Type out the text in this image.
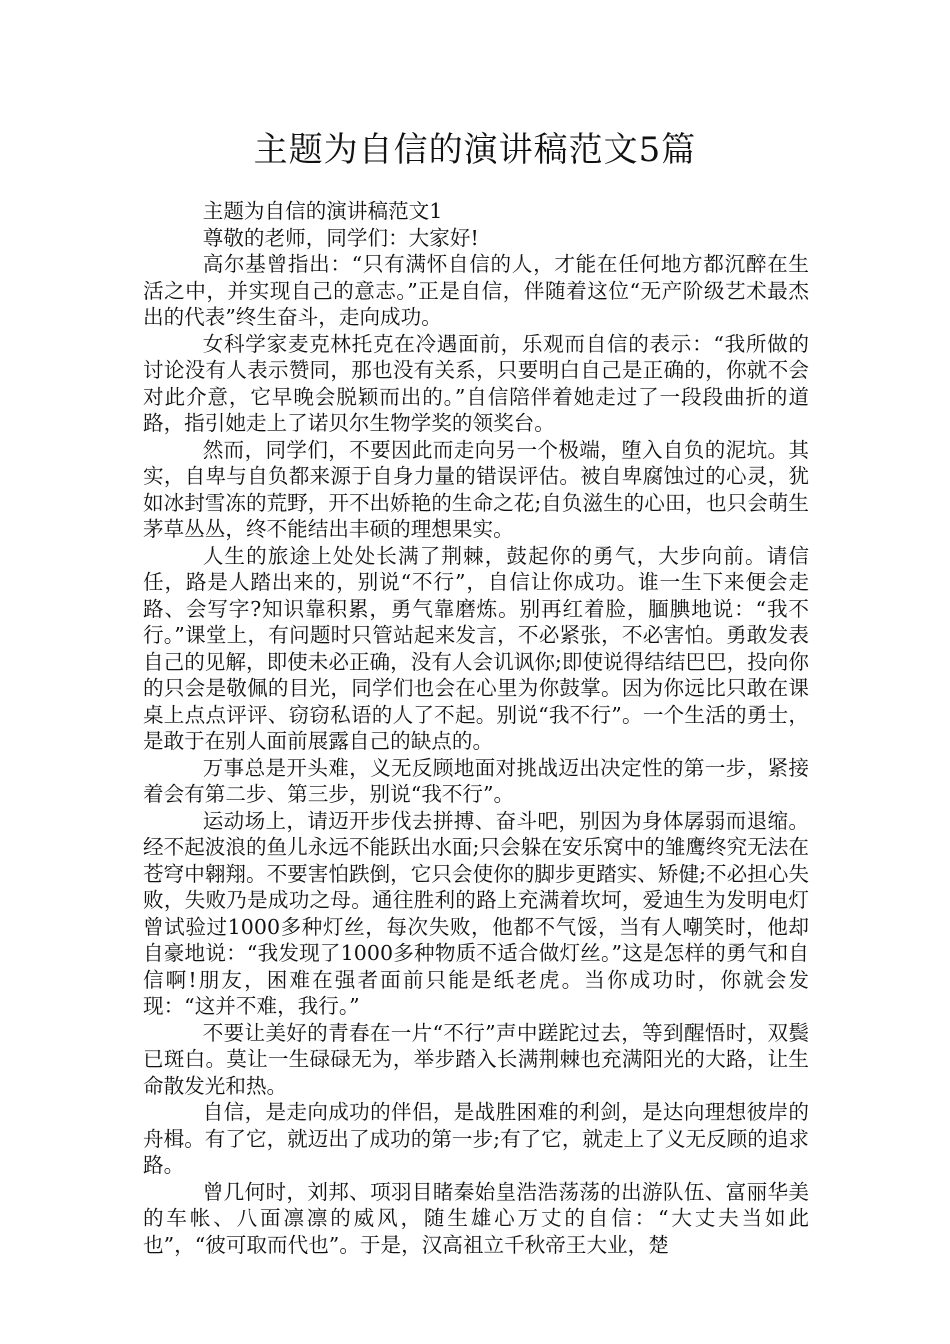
主题为自信的演讲稿范文5篇

主题为自信的演讲稿范文1

尊敬的老师，同学们：大家好!

高尔基曾指出：“只有满怀自信的人，才能在任何地方都沉醉在生活之中，并实现自己的意志。”正是自信，伴随着这位“无产阶级艺术最杰出的代表”终生奋斗，走向成功。

女科学家麦克林托克在冷遇面前，乐观而自信的表示：“我所做的讨论没有人表示赞同，那也没有关系，只要明白自己是正确的，你就不会对此介意，它早晚会脱颖而出的。”自信陪伴着她走过了一段段曲折的道路，指引她走上了诺贝尔生物学奖的领奖台。

然而，同学们，不要因此而走向另一个极端，堕入自负的泥坑。其实，自卑与自负都来源于自身力量的错误评估。被自卑腐蚀过的心灵，犹如冰封雪冻的荒野，开不出娇艳的生命之花;自负滋生的心田，也只会萌生茅草丛丛，终不能结出丰硕的理想果实。

人生的旅途上处处长满了荆棘，鼓起你的勇气，大步向前。请信任，路是人踏出来的，别说“不行”，自信让你成功。谁一生下来便会走路、会写字?知识靠积累，勇气靠磨炼。别再红着脸，腼腆地说：“我不行。”课堂上，有问题时只管站起来发言，不必紧张，不必害怕。勇敢发表自己的见解，即使未必正确，没有人会讥讽你;即使说得结结巴巴，投向你的只会是敬佩的目光，同学们也会在心里为你鼓掌。因为你远比只敢在课桌上点点评评、窃窃私语的人了不起。别说“我不行”。一个生活的勇士，是敢于在别人面前展露自己的缺点的。

万事总是开头难，义无反顾地面对挑战迈出决定性的第一步，紧接着会有第二步、第三步，别说“我不行”。

运动场上，请迈开步伐去拼搏、奋斗吧，别因为身体孱弱而退缩。经不起波浪的鱼儿永远不能跃出水面;只会躲在安乐窝中的雏鹰终究无法在苍穹中翱翔。不要害怕跌倒，它只会使你的脚步更踏实、矫健;不必担心失败，失败乃是成功之母。通往胜利的路上充满着坎坷，爱迪生为发明电灯曾试验过1000多种灯丝，每次失败，他都不气馁，当有人嘲笑时，他却自豪地说：“我发现了1000多种物质不适合做灯丝。”这是怎样的勇气和自信啊!朋友，困难在强者面前只能是纸老虎。当你成功时，你就会发现：“这并不难，我行。”

不要让美好的青春在一片“不行”声中蹉跎过去，等到醒悟时，双鬓已斑白。莫让一生碌碌无为，举步踏入长满荆棘也充满阳光的大路，让生命散发光和热。

自信，是走向成功的伴侣，是战胜困难的利剑，是达向理想彼岸的舟楫。有了它，就迈出了成功的第一步;有了它，就走上了义无反顾的追求路。

曾几何时，刘邦、项羽目睹秦始皇浩浩荡荡的出游队伍、富丽华美的车帐、八面凛凛的威风，随生雄心万丈的自信：“大丈夫当如此也”，“彼可取而代也”。于是，汉高祖立千秋帝王大业，楚
